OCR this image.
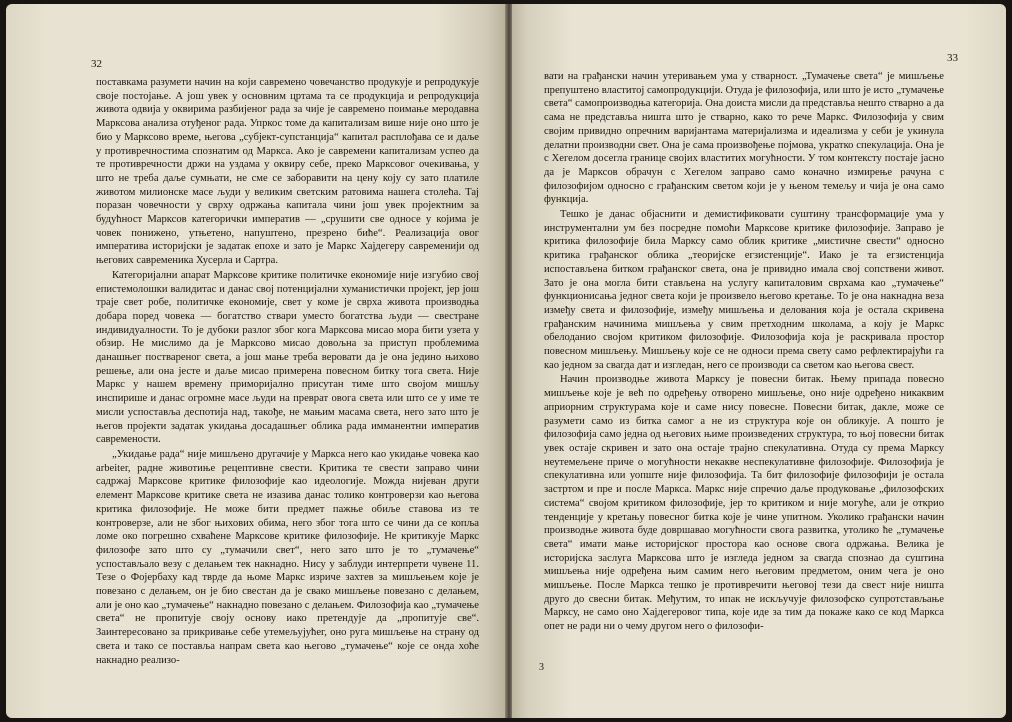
32

поставкама разумети начин на који савремено човечанство продукује и репродукује своје постојање. А још увек у основним цртама та се продукција и репродукција живота одвија у оквирима разбијеног рада за чије је савремено поимање меродавна Марксова анализа отуђеног рада. Упркос томе да капитализам више није оно што је био у Марксово време, његова „субјект-супстанција“ капитал расплођава се и даље у противречностима спознатим од Маркса. Ако је савремени капитализам успео да те противречности држи на уздама у оквиру себе, преко Марксовог очекивања, у што не треба даље сумњати, не сме се заборавити на цену коју су зато платиле животом милионске масе људи у великим светским ратовима нашега столећа. Тај поразан човечности у сврху одржања капитала чини још увек пројектним за будућност Марксов категорички императив — „срушити све односе у којима је човек понижено, утњетено, напуштено, презрено биће“. Реализација овог императива историјски је задатак епохе и зато је Маркс Хајдегеру савременији од његових савременика Хусерла и Сартра.

Категоријални апарат Марксове критике политичке економије није изгубио свој епистемолошки валидитас и данас свој потенцијални хуманистички пројект, јер још траје свет робе, политичке економије, свет у коме је сврха живота производња добара поред човека — богатство ствари уместо богатства људи — свестране индивидуалности. То је дубоки разлог због кога Марксова мисао мора бити узета у обзир. Не мислимо да је Марксово мисао довољна за приступ проблемима данашњег постварeног света, а још мање треба веровати да је она једино њихово решење, али она јесте и даље мисао примерена повесном битку тога света. Није Маркс у нашем времену приморијално присутан тиме што својом мишљу инспирише и данас огромне масе људи на преврат овога света или што се у име те мисли успоставља деспотија над, такође, не мањим масама света, него зато што је његов пројекти задатак укидања досадашњег облика рада имманентни императив савремености.

„Укидање рада“ није мишљено другачије у Маркса него као укидање човека као arbeiter, радне животиње рецептивне свести. Критика те свести заправо чини садржај Марксове критике филозофије као идеологије. Можда нијеван други елемент Марксове критике света не изазива данас толико контроверзи као његова критика филозофије. Не може бити предмет пажње обиље ставова из те контроверзе, али не због њихових обима, него због тога што се чини да се копља ломе око погрешно схваћене Марксове критике филозофије. Не критикује Маркс филозофе зато што су „тумачили свет“, него зато што је то „тумачење“ успостављало везу с делањем тек накнадно. Нису у заблуди интерпрети чувене 11. Тезе о Фојербаху кад тврде да њоме Маркс изриче захтев за мишљењем које је повезано с делањем, он је био свестан да је свако мишљење повезано с делањем, али је оно као „тумачење“ накнадно повезано с делањем. Филозофија као „тумачење света“ не пропитује своју основу иако претендује да „пропитује све“. Заинтересовано за прикривање себе утемељујућег, оно руга мишљење на страну од света и тако се поставља напрам света као његово „тумачење“ које се онда хоће накнадно реализо-

33

вати на грађански начин утеривањем ума у стварност. „Тумачење света“ је мишљење препуштено властитој самопродукцији. Отуда је филозофија, или што је исто „тумачење света“ самопроизводња категорија. Она доиста мисли да представља нешто стварно а да сама не представља ништа што је стварно, како то рече Маркс. Филозофија у свим својим привидно опречним варијантама материјализма и идеализма у себи је укинула делатни производни свет. Она је сама произвођење појмова, укратко спекулација. Она је с Хегелом досегла границе својих властитих могућности. У том контексту постаје јасно да је Марксов обрачун с Хегелом заправо само коначно измирење рачуна с филозофијом односно с грађанским светом који је у њеном темељу и чија је она само функција.

Тешко је данас објаснити и демистификовати суштину трансформације ума у инструментални ум без посредне помоћи Марксове критике филозофије. Заправо је критика филозофије била Марксу само облик критике „мистичне свести“ односно критика грађанског облика „теоријске егзистенције“. Иако је та егзистенција испостављена битком грађанског света, она је привидно имала свој сопствени живот. Зато је она могла бити стављена на услугу капиталовим сврхама као „тумачење“ функционисања једног света који је произвело његово кретање. То је она накнадна веза између света и филозофије, између мишљења и делования која је остала скривена грађанским начинима мишљења у свим претходним школама, а коју је Маркс обелоданио својом критиком филозофије. Филозофија која је раскривала простор повесном мишљењу. Мишљењу које се не односи према свету само рефлектирајући га као једном за свагда дат и изгледан, него се производи са светом као његова свест.

Начин производње живота Марксу је повесни битак. Њему припада повесно мишљење које је већ по одређењу отворено мишљење, оно није одређено никаквим априорним структурама које и саме нису повесне. Повесни битак, дакле, може се разумети само из битка самог а не из структура које он обликује. А пошто је филозофија само једна од његових њиме произведених структура, то њој повесни битак увек остаје скривен и зато она остаје трајно спекулативна. Отуда су према Марксу неутемељене приче о могућности некакве неспекулативне филозофије. Филозофија је спекулативна или уопште није филозофија. Та бит филозофије филозофији је остала застртом и пре и после Маркса. Маркс није спречио даље продуковање „филозофских система“ својом критиком филозофије, јер то критиком и није могуће, али је открио тенденције у кретању повесног битка које је чине упитном. Уколико грађански начин производње живота буде довршавао могућности свога развитка, утолико ће „тумачење света“ имати мање историјског простора као основе свога одржања. Велика је историјска заслуга Марксова што је изгледа једном за свагда спознао да суштина мишљења није одређена њим самим него његовим предметом, оним чега је оно мишљење. После Маркса тешко је противречити његовој тези да свест није ништа друго до свесни битак. Међутим, то ипак не искључује филозофско супротстављање Марксу, не само оно Хајдегеровог типа, које иде за тим да покаже како се код Маркса опет не ради ни о чему другом него о филозофи-

3
